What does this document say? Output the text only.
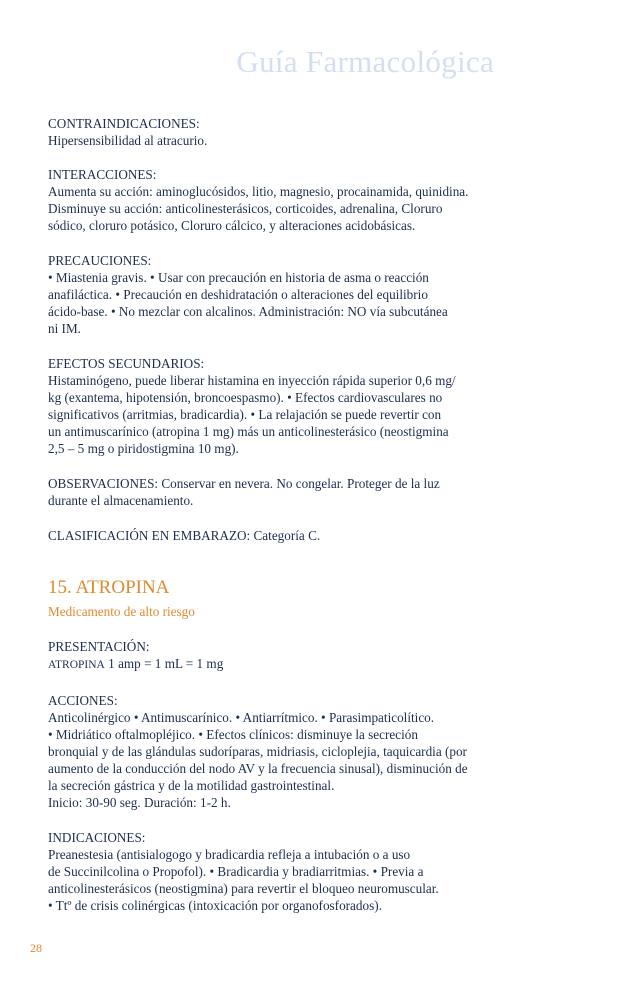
Guía Farmacológica
CONTRAINDICACIONES:
Hipersensibilidad al atracurio.
INTERACCIONES:
Aumenta su acción: aminoglucósidos, litio, magnesio, procainamida, quinidina.
Disminuye su acción: anticolinesterásicos, corticoides, adrenalina, Cloruro
sódico, cloruro potásico, Cloruro cálcico, y alteraciones acidobásicas.
PRECAUCIONES:
• Miastenia gravis. • Usar con precaución en historia de asma o reacción
anafiláctica. • Precaución en deshidratación o alteraciones del equilibrio
ácido-base. • No mezclar con alcalinos. Administración: NO vía subcutánea
ni IM.
EFECTOS SECUNDARIOS:
Histaminógeno, puede liberar histamina en inyección rápida superior 0,6 mg/
kg (exantema, hipotensión, broncoespasmo). • Efectos cardiovasculares no
significativos (arritmias, bradicardia). • La relajación se puede revertir con
un antimuscarínico (atropina 1 mg) más un anticolinesterásico (neostigmina
2,5 – 5 mg o piridostigmina 10 mg).
OBSERVACIONES: Conservar en nevera. No congelar. Proteger de la luz
durante el almacenamiento.
CLASIFICACIÓN EN EMBARAZO: Categoría C.
15. ATROPINA
Medicamento de alto riesgo
PRESENTACIÓN:
ATROPINA 1 amp = 1 mL = 1 mg
ACCIONES:
Anticolinérgico • Antimuscarínico. • Antiarrítmico. • Parasimpaticolítico.
• Midriático oftalmopléjico. • Efectos clínicos: disminuye la secreción
bronquial y de las glándulas sudoríparas, midriasis, cicloplejia, taquicardia (por
aumento de la conducción del nodo AV y la frecuencia sinusal), disminución de
la secreción gástrica y de la motilidad gastrointestinal.
Inicio: 30-90 seg. Duración: 1-2 h.
INDICACIONES:
Preanestesia (antisialogogo y bradicardia refleja a intubación o a uso
de Succinilcolina o Propofol). • Bradicardia y bradiarritmias. • Previa a
anticolinesterásicos (neostigmina) para revertir el bloqueo neuromuscular.
• Ttº de crisis colinérgicas (intoxicación por organofosforados).
28
